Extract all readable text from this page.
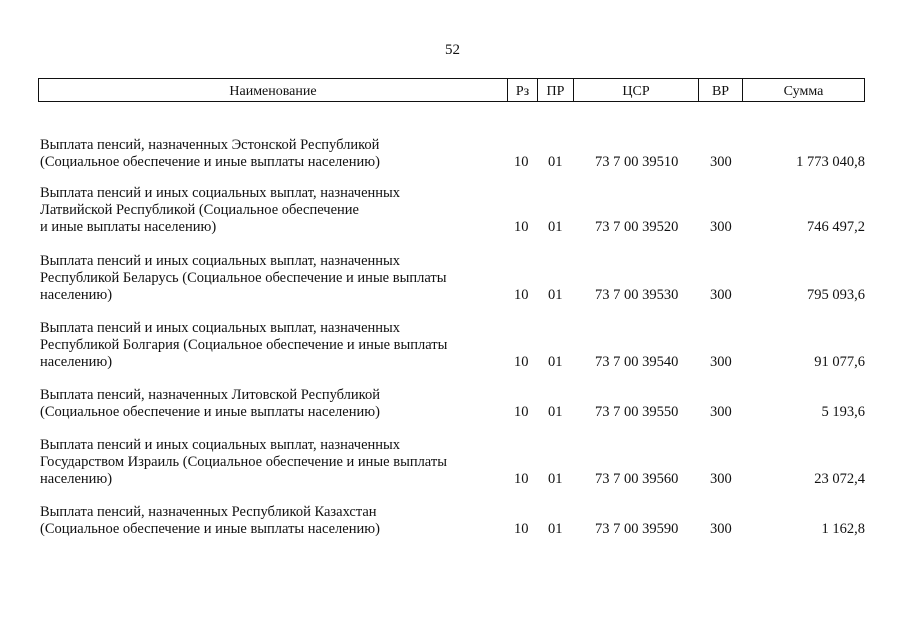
52
Наименование	Рз	ПР	ЦСР	ВР	Сумма
Выплата пенсий, назначенных Эстонской Республикой
(Социальное обеспечение и иные выплаты населению)	10 01 73 7 00 39510 300	1 773 040,8
Выплата пенсий и иных социальных выплат, назначенных
Латвийской Республикой (Социальное обеспечение
и иные выплаты населению)	10 01 73 7 00 39520 300	746 497,2
Выплата пенсий и иных социальных выплат, назначенных
Республикой Беларусь (Социальное обеспечение и иные выплаты
населению)	10 01 73 7 00 39530 300	795 093,6
Выплата пенсий и иных социальных выплат, назначенных
Республикой Болгария (Социальное обеспечение и иные выплаты
населению)	10 01 73 7 00 39540 300	91 077,6
Выплата пенсий, назначенных Литовской Республикой
(Социальное обеспечение и иные выплаты населению)	10 01 73 7 00 39550 300	5 193,6
Выплата пенсий и иных социальных выплат, назначенных
Государством Израиль (Социальное обеспечение и иные выплаты
населению)	10 01 73 7 00 39560 300	23 072,4
Выплата пенсий, назначенных Республикой Казахстан
(Социальное обеспечение и иные выплаты населению)	10 01 73 7 00 39590 300	1 162,8
